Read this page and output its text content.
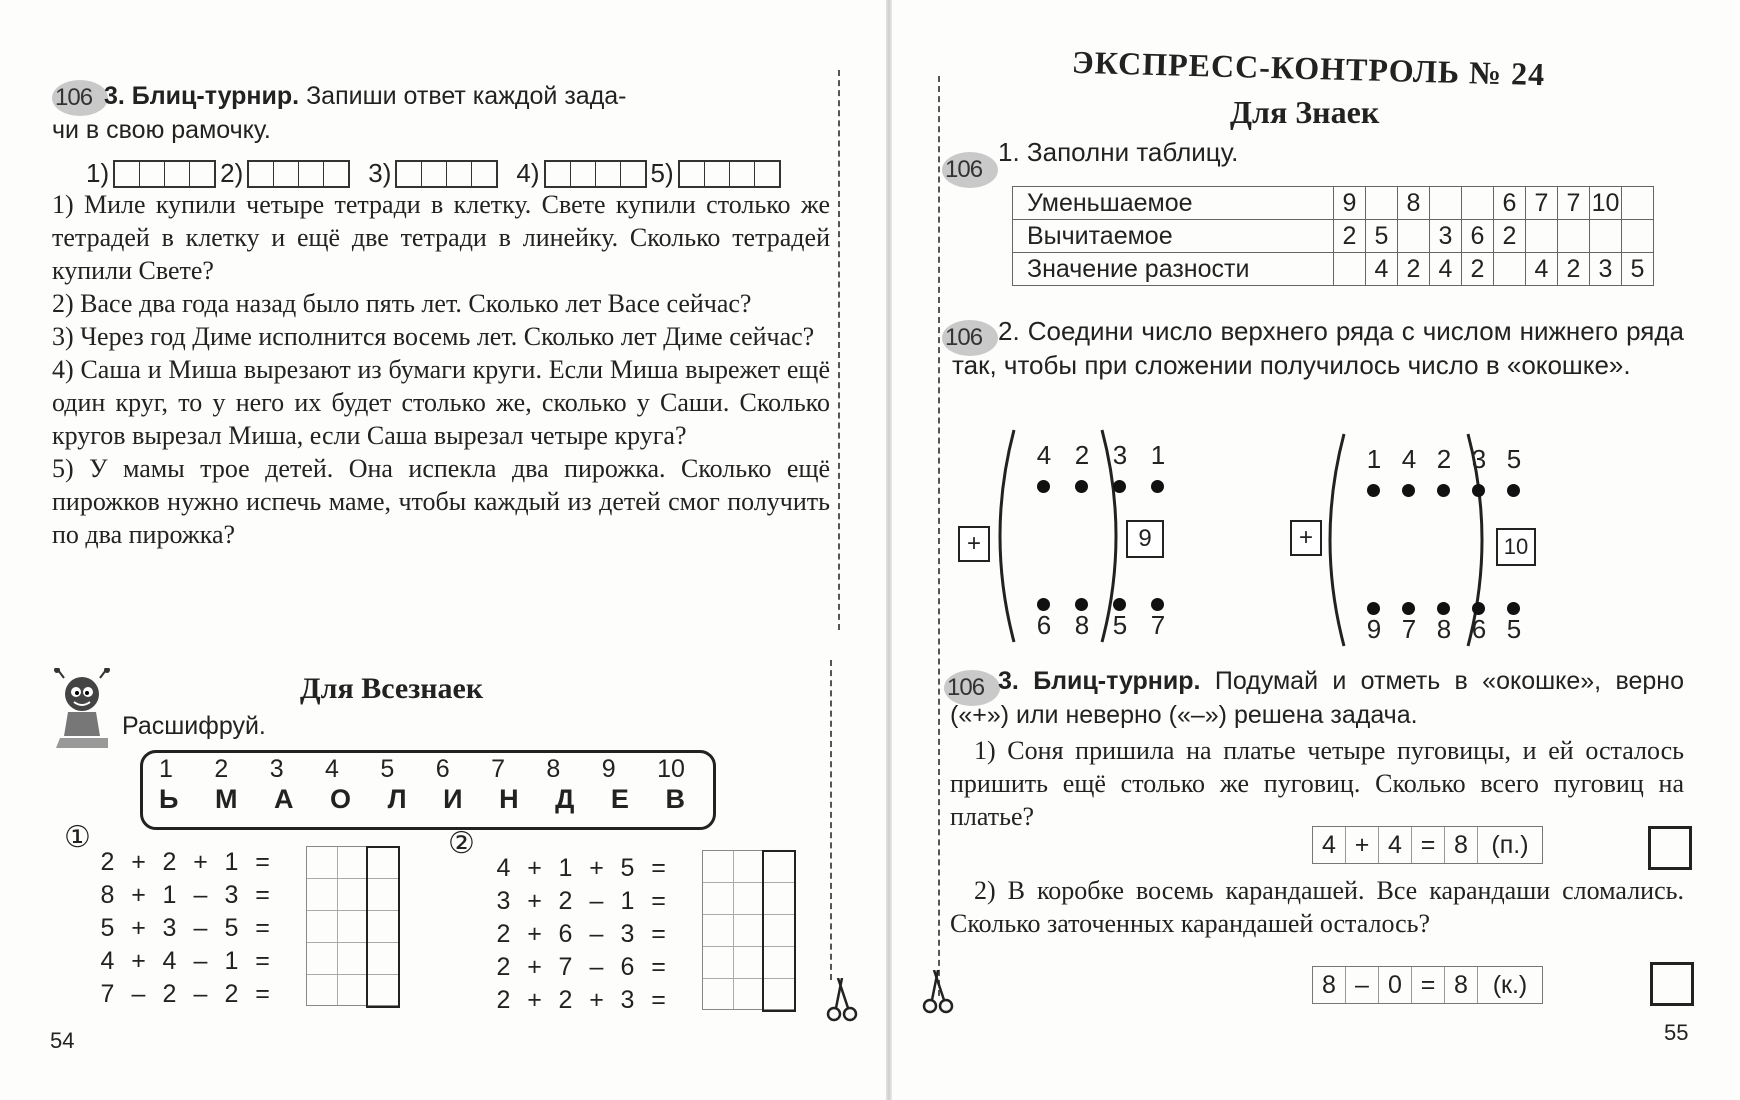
106 3. Блиц-турнир. Запиши ответ каждой зада-
чи в свою рамочку.
1)	2)	3)	4)	5)

1) Миле купили четыре тетради в клетку. Свете купили столько же тетрадей в клетку и ещё две тетради в линейку. Сколько тетрадей купили Свете?

2) Васе два года назад было пять лет. Сколько лет Васе сейчас?

3) Через год Диме исполнится восемь лет. Сколько лет Диме сейчас?

4) Саша и Миша вырезают из бумаги круги. Если Миша вырежет ещё один круг, то у него их будет столько же, сколько у Саши. Сколько кругов вырезал Миша, если Саша вырезал четыре круга?

5) У мамы трое детей. Она испекла два пирожка. Сколько ещё пирожков нужно испечь маме, чтобы каждый из детей смог получить по два пирожка?

Для Всезнаек
Расшифруй.
1 2 3 4 5 6 7 8 9 10
Ь М А О Л И Н Д Е В
①
2 + 2 + 1 =
8 + 1 – 3 =
5 + 3 – 5 =
4 + 4 – 1 =
7 – 2 – 2 =
②
4 + 1 + 5 =
3 + 2 – 1 =
2 + 6 – 3 =
2 + 7 – 6 =
2 + 2 + 3 =
54
ЭКСПРЕСС-КОНТРОЛЬ № 24
Для Знаек
106
1. Заполни таблицу.
Уменьшаемое	9		8			6	7	7	10	
Вычитаемое	2	5		3	6	2				
Значение разности		4	2	4	2		4	2	3	5
106 2. Соедини число верхнего ряда с числом нижнего ряда так, чтобы при сложении получилось число в «окошке».
4 2 3 1
6 8 5 7
+	9
1 4 2 3 5
9 7 8 6 5
+	10
106 3. Блиц-турнир. Подумай и отметь в «окошке», верно («+») или неверно («–») решена задача.
1) Соня пришила на платье четыре пуговицы, и ей осталось пришить ещё столько же пуговиц. Сколько всего пуговиц на платье?
4 + 4 = 8 (п.)
2) В коробке восемь карандашей. Все карандаши сломались. Сколько заточенных карандашей осталось?
8 – 0 = 8 (к.)
55
